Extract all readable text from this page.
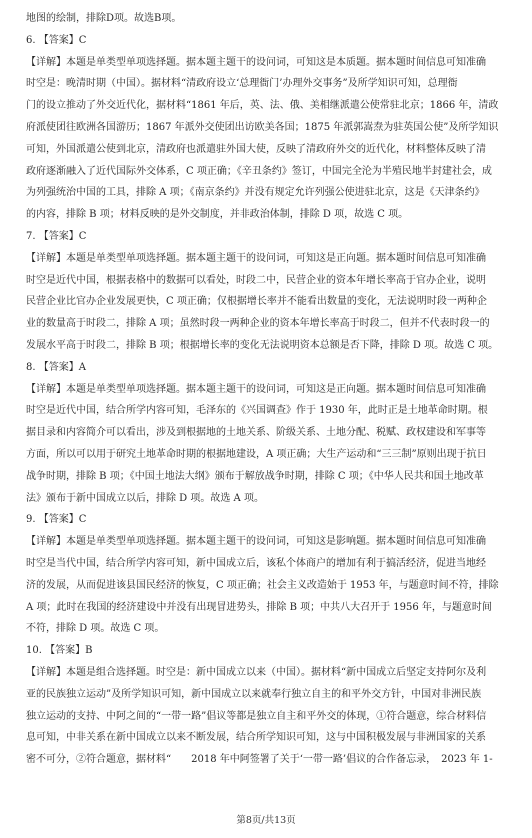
地图的绘制，排除D项。故选B项。
6. 【答案】C
【详解】本题是单类型单项选择题。据本题主题干的设问词，可知这是本质题。据本题时间信息可知准确
时空是：晚清时期（中国）。据材料“清政府设立‘总理衙门’办理外交事务”及所学知识可知，总理衙
门的设立推动了外交近代化，据材料“1861 年后，英、法、俄、美相继派遣公使常驻北京；1866 年，清政
府派使团往欧洲各国游历；1867 年派外交使团出访欧美各国；1875 年派郭嵩焘为驻英国公使”及所学知识
可知，外国派遣公使到北京，清政府也派遣驻外国大使，反映了清政府外交的近代化，材料整体反映了清
政府逐渐融入了近代国际外交体系，C 项正确；《辛丑条约》签订，中国完全沦为半殖民地半封建社会，成
为列强统治中国的工具，排除 A 项；《南京条约》并没有规定允许列强公使进驻北京，这是《天津条约》
的内容，排除 B 项；材料反映的是外交制度，并非政治体制，排除 D 项，故选 C 项。
7. 【答案】C
【详解】本题是单类型单项选择题。据本题主题干的设问词，可知这是正向题。据本题时间信息可知准确
时空是近代中国，根据表格中的数据可以看处，时段二中，民营企业的资本年增长率高于官办企业，说明
民营企业比官办企业发展更快，C 项正确；仅根据增长率并不能看出数量的变化，无法说明时段一两种企
业的数量高于时段二，排除 A 项；虽然时段一两种企业的资本年增长率高于时段二，但并不代表时段一的
发展水平高于时段二，排除 B 项；根据增长率的变化无法说明资本总额是否下降，排除 D 项。故选 C 项。
8. 【答案】A
【详解】本题是单类型单项选择题。据本题主题干的设问词，可知这是正向题。据本题时间信息可知准确
时空是近代中国，结合所学内容可知，毛泽东的《兴国调查》作于 1930 年，此时正是土地革命时期。根
据目录和内容简介可以看出，涉及到根据地的土地关系、阶级关系、土地分配、税赋、政权建设和军事等
方面，所以可以用于研究土地革命时期的根据地建设，A 项正确；大生产运动和“三三制”原则出现于抗日
战争时期，排除 B 项；《中国土地法大纲》颁布于解放战争时期，排除 C 项；《中华人民共和国土地改革
法》颁布于新中国成立以后，排除 D 项。故选 A 项。
9. 【答案】C
【详解】本题是单类型单项选择题。据本题主题干的设问词，可知这是影响题。据本题时间信息可知准确
时空是当代中国，结合所学内容可知，新中国成立后，该私个体商户的增加有利于搞活经济，促进当地经
济的发展，从而促进该县国民经济的恢复，C 项正确；社会主义改造始于 1953 年，与题意时间不符，排除
A 项；此时在我国的经济建设中并没有出现冒进势头，排除 B 项；中共八大召开于 1956 年，与题意时间
不符，排除 D 项。故选 C 项。
10. 【答案】B
【详解】本题是组合选择题。时空是：新中国成立以来（中国）。据材料“新中国成立后坚定支持阿尔及利
亚的民族独立运动”及所学知识可知，新中国成立以来就奉行独立自主的和平外交方针，中国对非洲民族
独立运动的支持、中阿之间的“一带一路”倡议等都是独立自主和平外交的体现，①符合题意，综合材料信
息可知，中非关系在新中国成立以来不断发展，结合所学知识可知，这与中国积极发展与非洲国家的关系
密不可分，②符合题意，据材料“　　2018 年中阿签署了关于‘一带一路’倡议的合作备忘录，　2023 年 1-
第8页/共13页
